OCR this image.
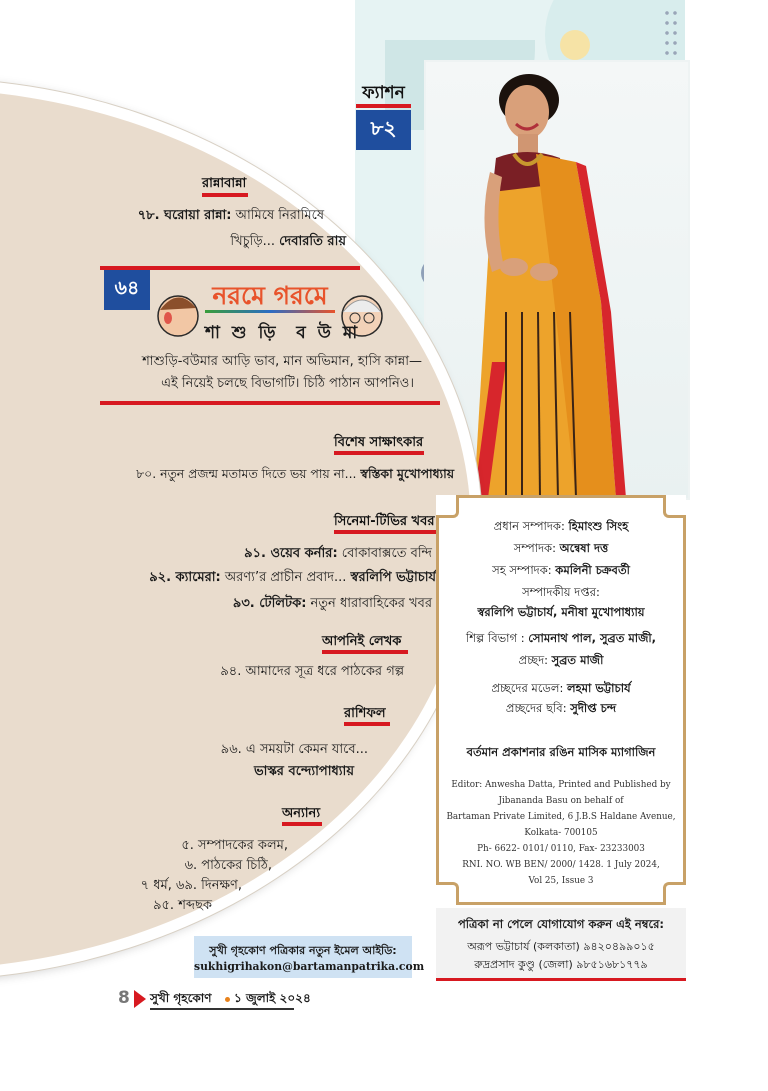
ফ্যাশন
৮২
রান্নাবান্না
৭৮. ঘরোয়া রান্না: আমিষে নিরামিষে
খিচুড়ি... দেবারতি রায়
৬৪	নরমে গরমে
শা শু ড়ি  ব উ মা
শাশুড়ি-বউমার আড়ি ভাব, মান অভিমান, হাসি কান্না—
এই নিয়েই চলছে বিভাগটি। চিঠি পাঠান আপনিও।
বিশেষ সাক্ষাৎকার
৮০. নতুন প্রজন্ম মতামত দিতে ভয় পায় না... স্বস্তিকা মুখোপাধ্যায়
সিনেমা-টিভির খবর
৯১. ওয়েব কর্নার: বোকাবাক্সতে বন্দি
৯২. ক্যামেরা: অরণ্য’র প্রাচীন প্রবাদ... স্বরলিপি ভট্টাচার্য
৯৩. টেলিটক: নতুন ধারাবাহিকের খবর
আপনিই লেখক
৯৪. আমাদের সূত্র ধরে পাঠকের গল্প
রাশিফল
৯৬. এ সময়টা কেমন যাবে...
ভাস্কর বন্দ্যোপাধ্যায়
অন্যান্য
৫. সম্পাদকের কলম,
৬. পাঠকের চিঠি,
৭ ধর্ম, ৬৯. দিনক্ষণ,
৯৫. শব্দছক
প্রধান সম্পাদক: হিমাংশু সিংহ
সম্পাদক: অন্বেষা দত্ত
সহ সম্পাদক: কমলিনী চক্রবর্তী
সম্পাদকীয় দপ্তর:
স্বরলিপি ভট্টাচার্য, মনীষা মুখোপাধ্যায়
শিল্প বিভাগ : সোমনাথ পাল, সুব্রত মাজী,
প্রচ্ছদ: সুব্রত মাজী
প্রচ্ছদের মডেল: লহমা ভট্টাচার্য
প্রচ্ছদের ছবি: সুদীপ্ত চন্দ
বর্তমান প্রকাশনার রঙিন মাসিক ম্যাগাজিন
Editor: Anwesha Datta, Printed and Published by
Jibananda Basu on behalf of
Bartaman Private Limited, 6 J.B.S Haldane Avenue,
Kolkata- 700105
Ph- 6622- 0101/ 0110, Fax- 23233003
RNI. NO. WB BEN/ 2000/ 1428. 1 July 2024,
Vol 25, Issue 3
পত্রিকা না পেলে যোগাযোগ করুন এই নম্বরে:
অরূপ ভট্টাচার্য (কলকাতা) ৯৪২০৪৯৯০১৫
রুদ্রপ্রসাদ কুণ্ডু (জেলা) ৯৮৫১৬৮১৭৭৯
সুখী গৃহকোণ পত্রিকার নতুন ইমেল আইডি:
sukhigrihakon@bartamanpatrika.com
8 সুখী গৃহকোণ ১ জুলাই ২০২৪
